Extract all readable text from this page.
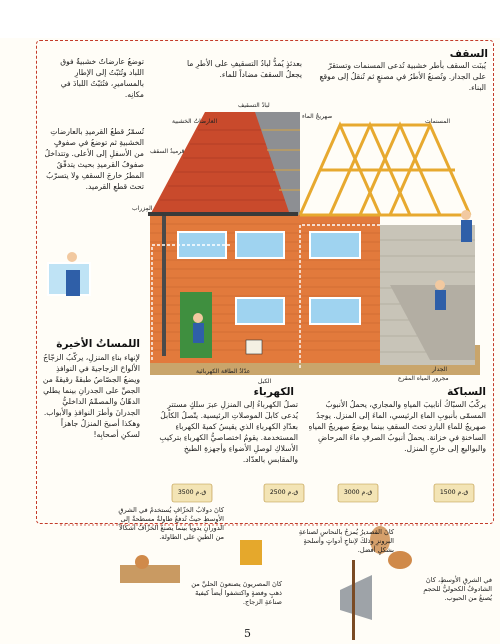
السقف
يُبنَت السقف بأطر خشبية تُدعى المسنمات وتستقرّ على الجدار. وتُصنعُ الأطرُ في مصنعٍ ثم تُنقلُ إلى موقعِ البناء.
بعدئذٍ يُمدُّ لبادُ التسقيفِ على الأطرِ ما يجعلُ السقفَ مضاداً للماء.
توضعُ عارضاتٌ خشبيةٌ فوق اللباد وتُثبّتُ إلى الإطارِ بالمساميرِ، فتُثبّتُ اللبادَ في مكانِه.
تُسمّرُ قطعُ القرميدِ بالعارضاتِ الخشبيةِ ثم توضعُ في صفوفٍ من الأسفلِ إلى الأعلى. وتتداخلُ صفوفُ القرميدِ بحيث يتدفّقُ المطرُ خارجَ السقفِ ولا يتسرّبُ تحتَ قطعِ القرميد.
المسنمات
لبادُ التسقيف
العارضاتُ الخشبية
قرميدُ السقف
المِزراب
صهريجُ الماء
عدّادُ الطاقة الكهربائية
الكبل
الجدار
مجرور المياه المقرع
اللمساتُ الأخيرة
لإنهاء بناءِ المنزلِ، يركّبُ الزجّاجُ الألواحَ الزجاجيةَ في النوافذِ ويضعُ الجصّاصُ طبقةً رقيقةً من الجصِّ على الجدرانِ بينما يطلي الدهّانُ والمصمِّمُ الداخليُّ الجدرانَ وأطرَ النوافذِ والأبواب. وهكذا أصبحَ المنزلُ جاهزاً لسكنِ أصحابِه!
الكهرباء
تصلُ الكهرباءُ إلى المنزلِ عبرَ سلكٍ مستترٍ يُدعى كابلَ الموصلاتِ الرئيسية. يتّصلُ الكابلُ بعدّادِ الكهرباءِ الذي يقيسُ كميةَ الكهرباءِ المستخدمة. يقومُ اختصاصيُّ الكهرباءِ بتركيبِ الأسلاكِ لوصلِ الأضواءِ وأجهزةِ الطبخِ والمقابسِ بالعدّاد.
السباكة
يركّبُ السبّاكُ أنابيبَ المياهِ والمجاري، يحملُ الأنبوبُ المسمّى بأنبوبِ الماءِ الرئيسي، الماءَ إلى المنزل. يوجدُ صهريجُ للماءِ الباردِ تحتَ السقفِ بينما يوضعُ صهريجُ المياهِ الساخنةِ في خزانة. يحملُ أنبوبُ الصرفِ ماءَ المرحاضِ والبواليعِ إلى خارجِ المنزل.
1500 ق.م
3000 ق.م
2500 ق.م
3500 ق.م
في الشرقِ الأوسطِ، كانَ الشادوفُ الكحوليُّ للحجمِ يُصنعُ من الحبوب.
كانَ القصديرُ يُمزجُ بالنحاسِ لصناعةِ البرونزِ وذلكَ لإنتاجِ أدواتٍ وأسلحةٍ بشكلٍ أفضل.
كانَ المصريونَ يصنعونَ الحليَّ من ذهبٍ وفضةٍ واكتشفوا أيضاً كيفيةَ صناعةِ الزجاج.
كانَ دولابُ الخزّافِ يُستخدمُ في الشرقِ الأوسطِ حيثُ تُدفعُ طاولةٌ مسطحةٌ إلى الدورانِ يدوياً بينما يصنعُ الخزّافُ أشكالاً من الطينِ على الطاولة.
5
